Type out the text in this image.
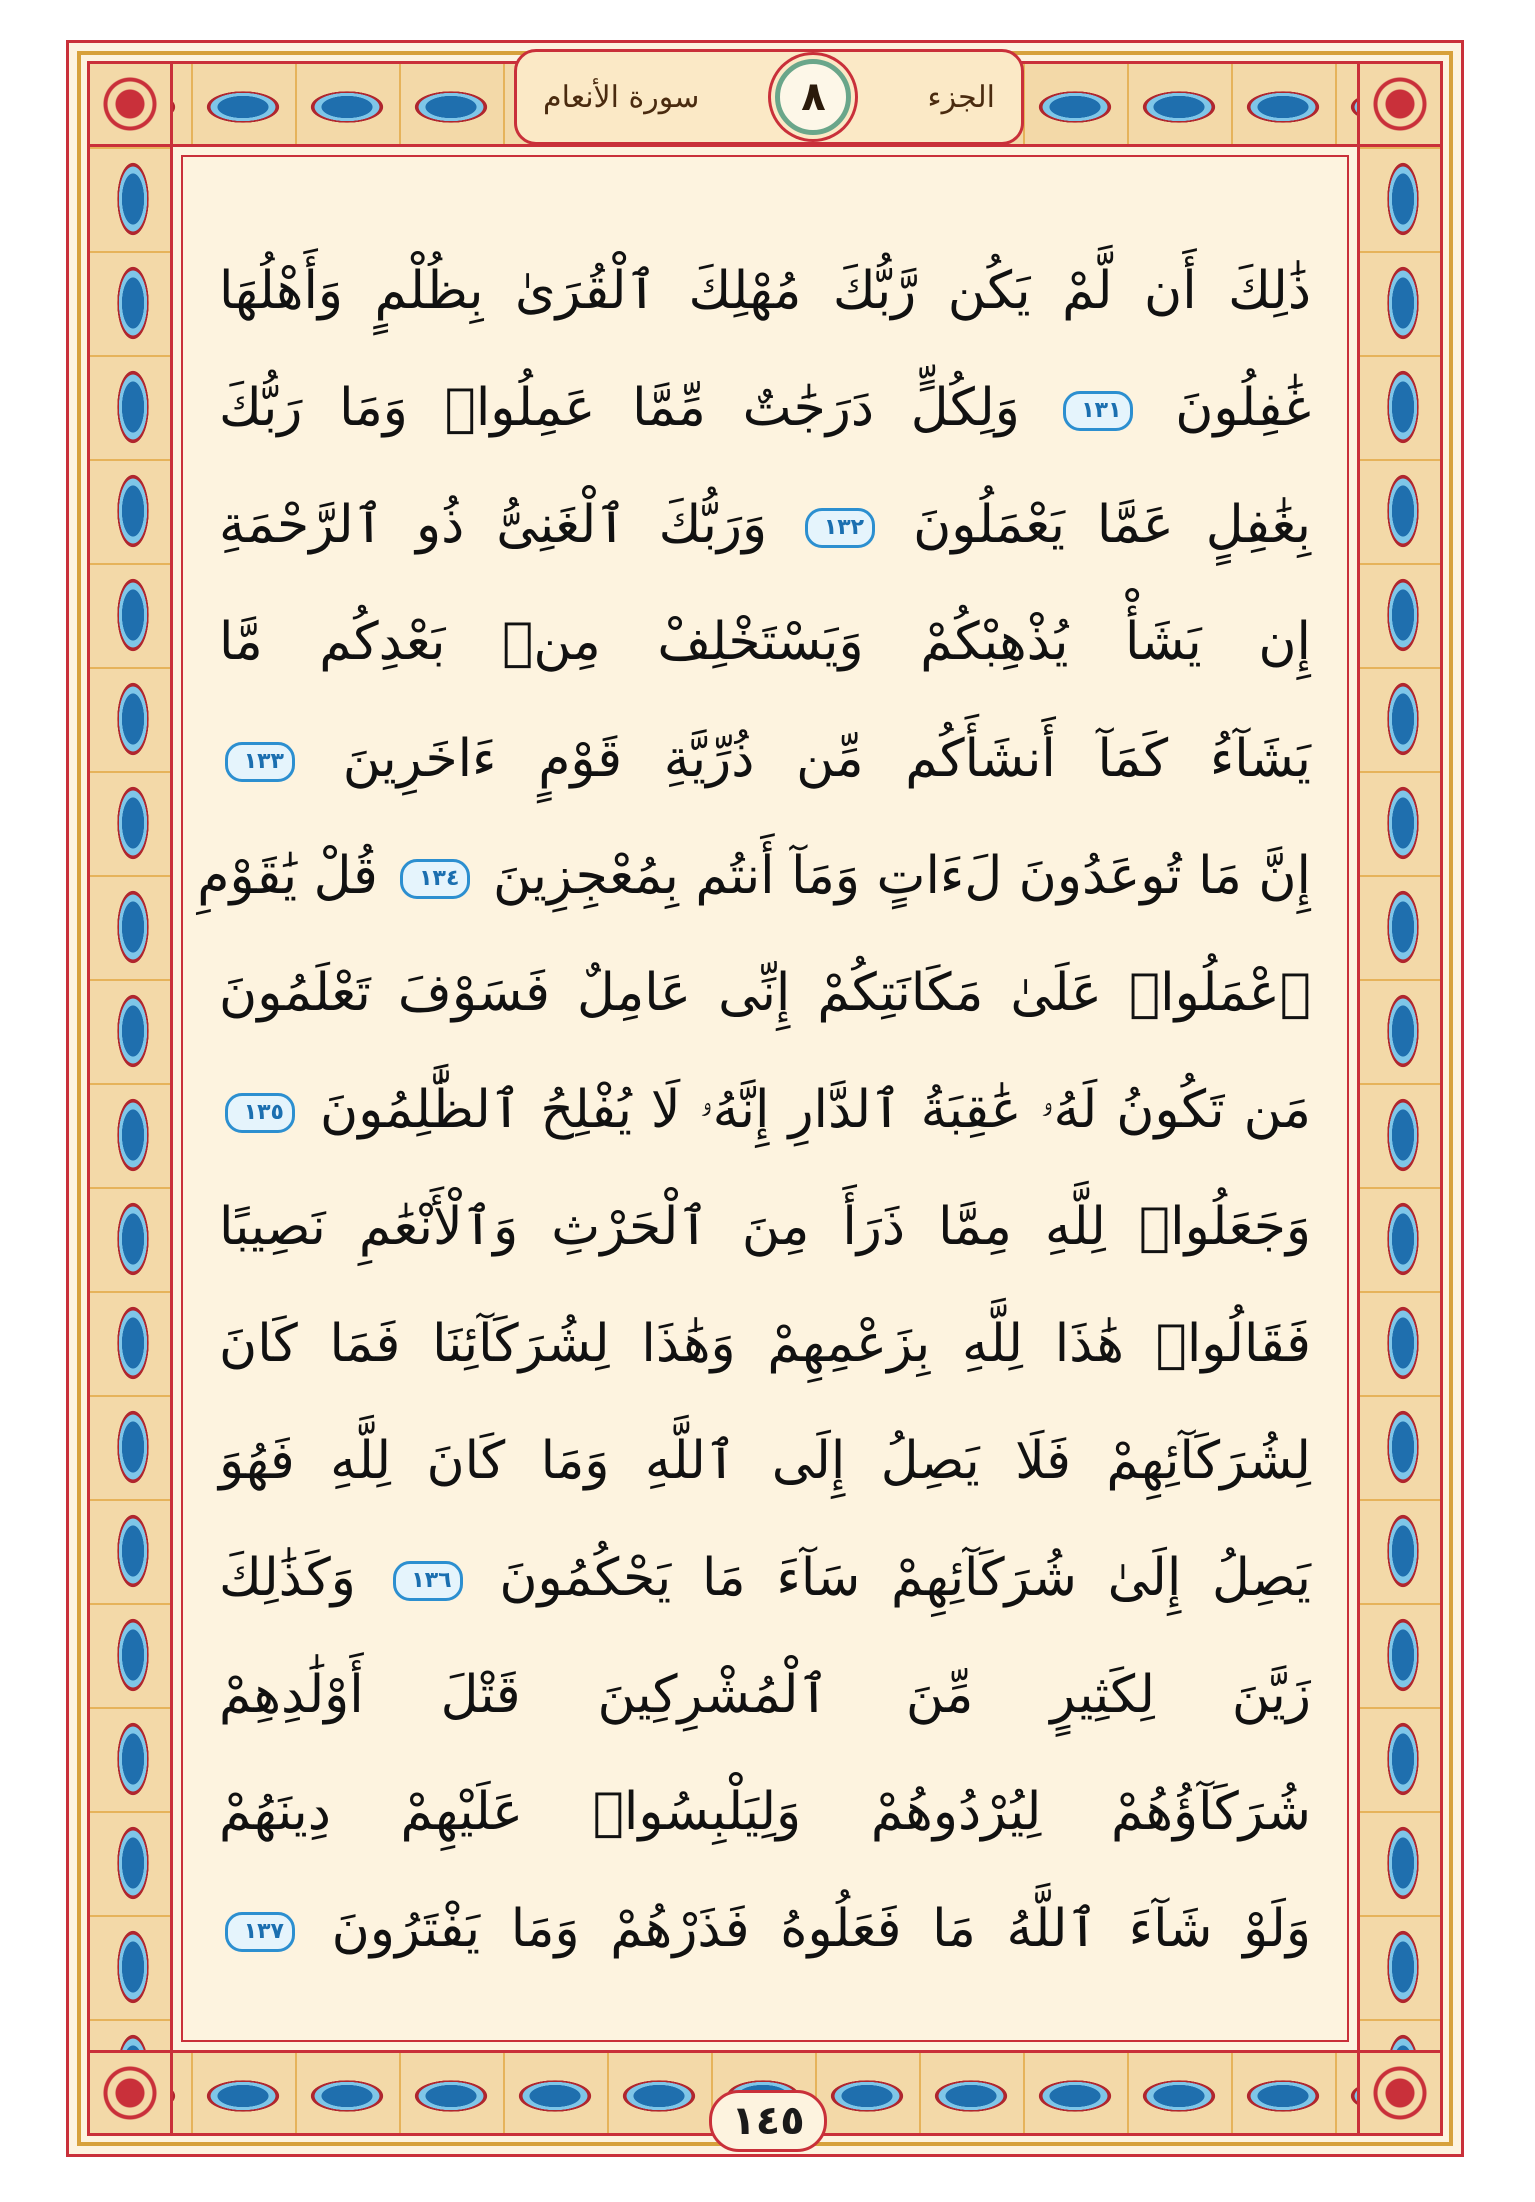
الجزء
٨
سورة الأنعام
ذَٰلِكَ أَن لَّمْ يَكُن رَّبُّكَ مُهْلِكَ ٱلْقُرَىٰ بِظُلْمٍ وَأَهْلُهَا
غَٰفِلُونَ ١٣١ وَلِكُلٍّ دَرَجَٰتٌ مِّمَّا عَمِلُوا۟ وَمَا رَبُّكَ
بِغَٰفِلٍ عَمَّا يَعْمَلُونَ ١٣٢ وَرَبُّكَ ٱلْغَنِىُّ ذُو ٱلرَّحْمَةِ
إِن يَشَأْ يُذْهِبْكُمْ وَيَسْتَخْلِفْ مِنۢ بَعْدِكُم مَّا
يَشَآءُ كَمَآ أَنشَأَكُم مِّن ذُرِّيَّةِ قَوْمٍ ءَاخَرِينَ ١٣٣
إِنَّ مَا تُوعَدُونَ لَءَاتٍ وَمَآ أَنتُم بِمُعْجِزِينَ ١٣٤ قُلْ يَٰقَوْمِ
ٱعْمَلُوا۟ عَلَىٰ مَكَانَتِكُمْ إِنِّى عَامِلٌ فَسَوْفَ تَعْلَمُونَ
مَن تَكُونُ لَهُۥ عَٰقِبَةُ ٱلدَّارِ إِنَّهُۥ لَا يُفْلِحُ ٱلظَّٰلِمُونَ ١٣٥
وَجَعَلُوا۟ لِلَّهِ مِمَّا ذَرَأَ مِنَ ٱلْحَرْثِ وَٱلْأَنْعَٰمِ نَصِيبًا
فَقَالُوا۟ هَٰذَا لِلَّهِ بِزَعْمِهِمْ وَهَٰذَا لِشُرَكَآئِنَا فَمَا كَانَ
لِشُرَكَآئِهِمْ فَلَا يَصِلُ إِلَى ٱللَّهِ وَمَا كَانَ لِلَّهِ فَهُوَ
يَصِلُ إِلَىٰ شُرَكَآئِهِمْ سَآءَ مَا يَحْكُمُونَ ١٣٦ وَكَذَٰلِكَ
زَيَّنَ لِكَثِيرٍ مِّنَ ٱلْمُشْرِكِينَ قَتْلَ أَوْلَٰدِهِمْ
شُرَكَآؤُهُمْ لِيُرْدُوهُمْ وَلِيَلْبِسُوا۟ عَلَيْهِمْ دِينَهُمْ
وَلَوْ شَآءَ ٱللَّهُ مَا فَعَلُوهُ فَذَرْهُمْ وَمَا يَفْتَرُونَ ١٣٧
١٤٥
